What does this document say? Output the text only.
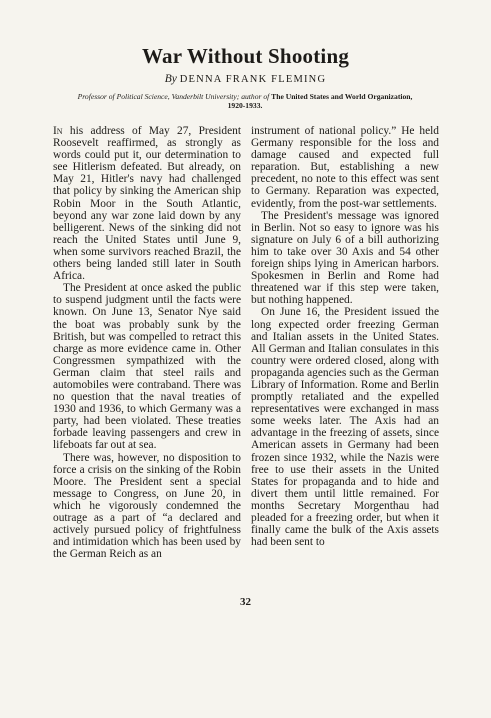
War Without Shooting
By DENNA FRANK FLEMING
Professor of Political Science, Vanderbilt University; author of The United States and World Organization, 1920-1933.

In his address of May 27, President Roosevelt reaffirmed, as strongly as words could put it, our determination to see Hitlerism defeated. But already, on May 21, Hitler's navy had challenged that policy by sinking the American ship Robin Moor in the South Atlantic, beyond any war zone laid down by any belligerent. News of the sinking did not reach the United States until June 9, when some survivors reached Brazil, the others being landed still later in South Africa.

The President at once asked the public to suspend judgment until the facts were known. On June 13, Senator Nye said the boat was probably sunk by the British, but was compelled to retract this charge as more evidence came in. Other Congressmen sympathized with the German claim that steel rails and automobiles were contraband. There was no question that the naval treaties of 1930 and 1936, to which Germany was a party, had been violated. These treaties forbade leaving passengers and crew in lifeboats far out at sea.

There was, however, no disposition to force a crisis on the sinking of the Robin Moore. The President sent a special message to Congress, on June 20, in which he vigorously condemned the outrage as a part of “a declared and actively pursued policy of frightfulness and intimidation which has been used by the German Reich as an

instrument of national policy.” He held Germany responsible for the loss and damage caused and expected full reparation. But, establishing a new precedent, no note to this effect was sent to Germany. Reparation was expected, evidently, from the post-war settlements.

The President's message was ignored in Berlin. Not so easy to ignore was his signature on July 6 of a bill authorizing him to take over 30 Axis and 54 other foreign ships lying in American harbors. Spokesmen in Berlin and Rome had threatened war if this step were taken, but nothing happened.

On June 16, the President issued the long expected order freezing German and Italian assets in the United States. All German and Italian consulates in this country were ordered closed, along with propaganda agencies such as the German Library of Information. Rome and Berlin promptly retaliated and the expelled representatives were exchanged in mass some weeks later. The Axis had an advantage in the freezing of assets, since American assets in Germany had been frozen since 1932, while the Nazis were free to use their assets in the United States for propaganda and to hide and divert them until little remained. For months Secretary Morgenthau had pleaded for a freezing order, but when it finally came the bulk of the Axis assets had been sent to

32
